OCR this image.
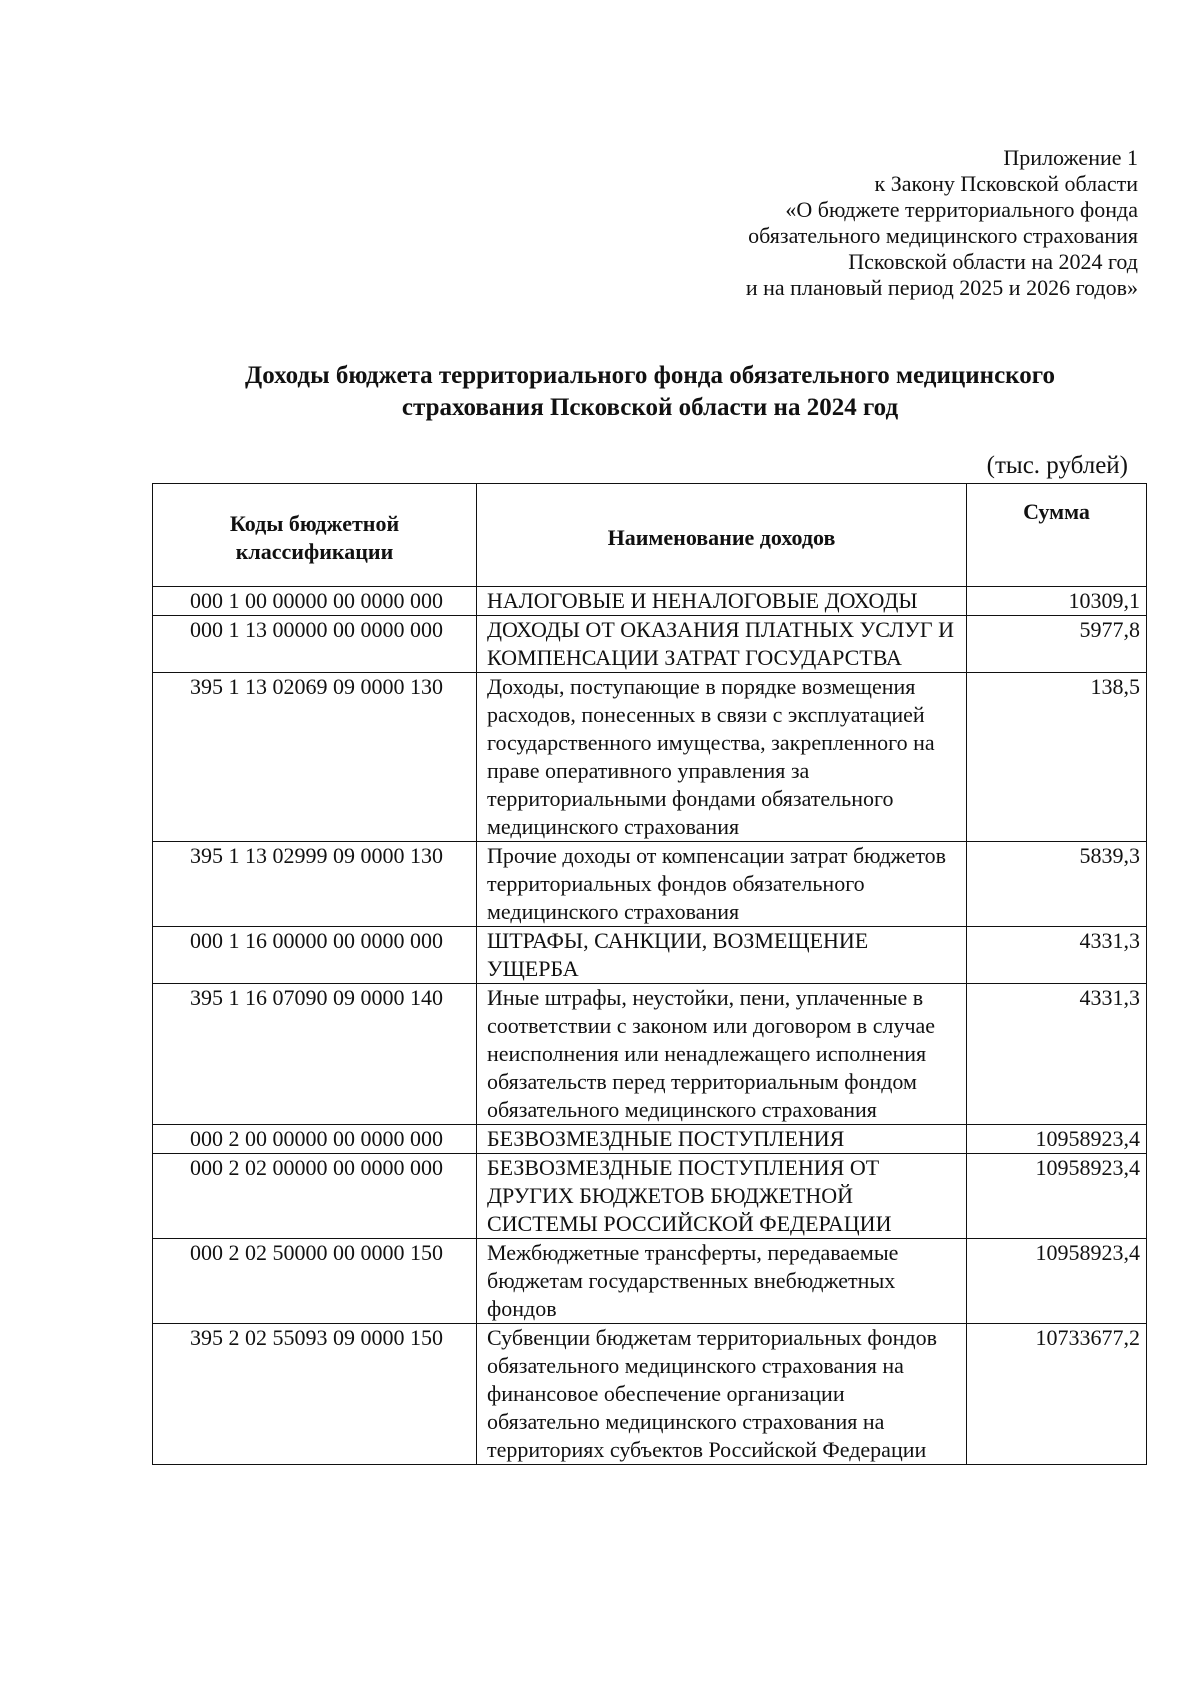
Приложение 1
к Закону Псковской области
«О бюджете территориального фонда
обязательного медицинского страхования
Псковской области на 2024 год
и на плановый период 2025 и 2026 годов»
Доходы бюджета территориального фонда обязательного медицинского
страхования Псковской области на 2024 год
(тыс. рублей)
Коды бюджетной
классификации	Наименование доходов	Сумма
000 1 00 00000 00 0000 000	НАЛОГОВЫЕ И НЕНАЛОГОВЫЕ ДОХОДЫ	10309,1
000 1 13 00000 00 0000 000	ДОХОДЫ ОТ ОКАЗАНИЯ ПЛАТНЫХ УСЛУГ И КОМПЕНСАЦИИ ЗАТРАТ ГОСУДАРСТВА	5977,8
395 1 13 02069 09 0000 130	Доходы, поступающие в порядке возмещения расходов, понесенных в связи с эксплуатацией государственного имущества, закрепленного на праве оперативного управления за территориальными фондами обязательного медицинского страхования	138,5
395 1 13 02999 09 0000 130	Прочие доходы от компенсации затрат бюджетов территориальных фондов обязательного медицинского страхования	5839,3
000 1 16 00000 00 0000 000	ШТРАФЫ, САНКЦИИ, ВОЗМЕЩЕНИЕ УЩЕРБА	4331,3
395 1 16 07090 09 0000 140	Иные штрафы, неустойки, пени, уплаченные в соответствии с законом или договором в случае неисполнения или ненадлежащего исполнения обязательств перед территориальным фондом обязательного медицинского страхования	4331,3
000 2 00 00000 00 0000 000	БЕЗВОЗМЕЗДНЫЕ ПОСТУПЛЕНИЯ	10958923,4
000 2 02 00000 00 0000 000	БЕЗВОЗМЕЗДНЫЕ ПОСТУПЛЕНИЯ ОТ ДРУГИХ БЮДЖЕТОВ БЮДЖЕТНОЙ СИСТЕМЫ РОССИЙСКОЙ ФЕДЕРАЦИИ	10958923,4
000 2 02 50000 00 0000 150	Межбюджетные трансферты, передаваемые бюджетам государственных внебюджетных фондов	10958923,4
395 2 02 55093 09 0000 150	Субвенции бюджетам территориальных фондов обязательного медицинского страхования на финансовое обеспечение организации обязательно медицинского страхования на территориях субъектов Российской Федерации	10733677,2
